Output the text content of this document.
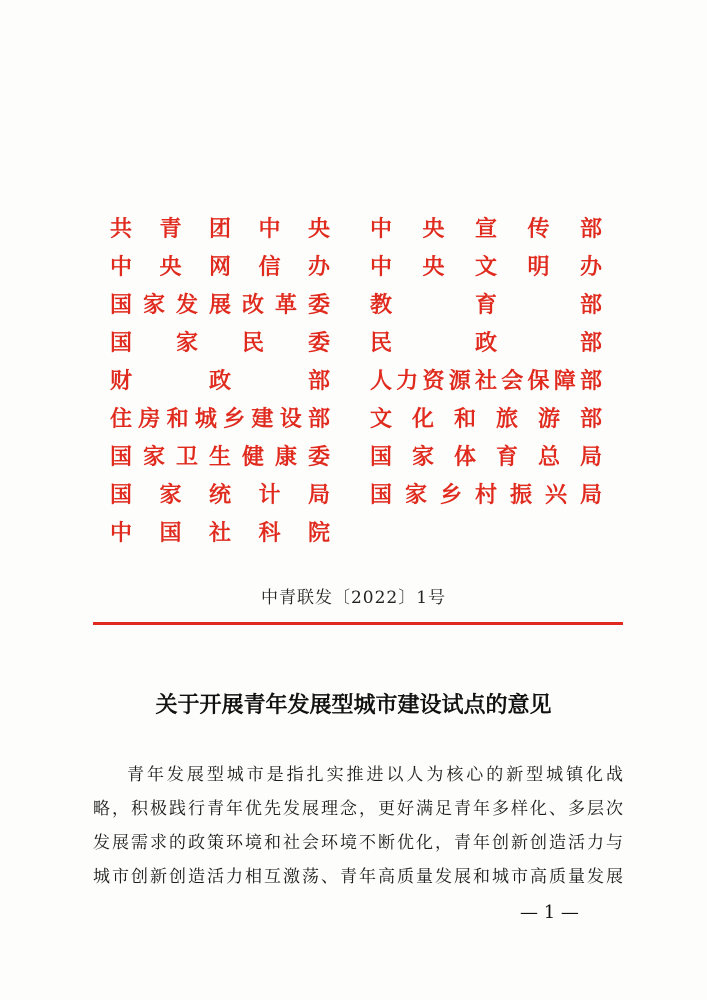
共青团中央 中央宣传部
中央网信办 中央文明办
国家发展改革委 教育部
国家民委 民政部
财政部 人力资源社会保障部
住房和城乡建设部 文化和旅游部
国家卫生健康委 国家体育总局
国家统计局 国家乡村振兴局
中国社科院
中青联发〔2022〕1号
关于开展青年发展型城市建设试点的意见
青年发展型城市是指扎实推进以人为核心的新型城镇化战
略，积极践行青年优先发展理念，更好满足青年多样化、多层次
发展需求的政策环境和社会环境不断优化，青年创新创造活力与
城市创新创造活力相互激荡、青年高质量发展和城市高质量发展
— 1 —
